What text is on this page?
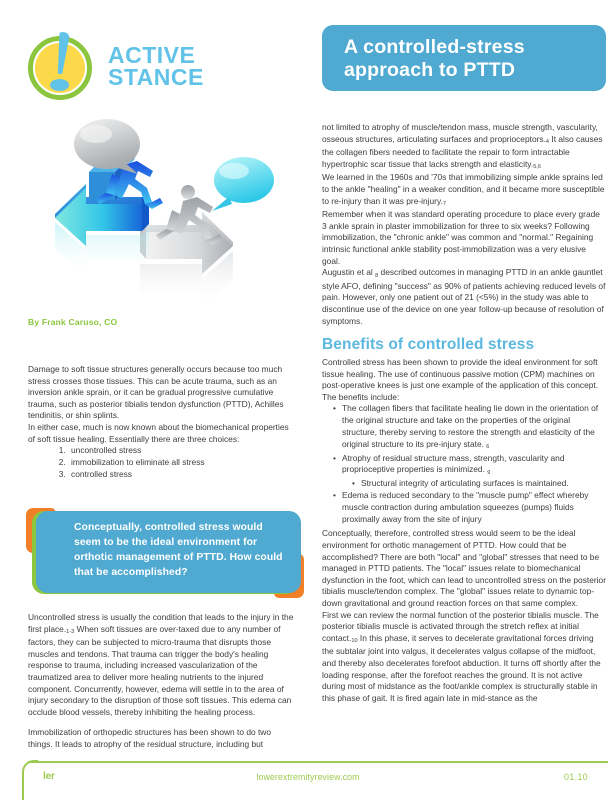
ACTIVE
STANCE
A controlled-stress
approach to PTTD
By Frank Caruso, CO

Damage to soft tissue structures generally occurs because too much stress crosses those tissues. This can be acute trauma, such as an inversion ankle sprain, or it can be gradual progressive cumulative trauma, such as posterior tibialis tendon dysfunction (PTTD), Achilles tendinitis, or shin splints.

In either case, much is now known about the biomechanical properties of soft tissue healing. Essentially there are three choices:

1. uncontrolled stress
2. immobilization to eliminate all stress
3. controlled stress
Conceptually, controlled stress would seem to be the ideal environment for orthotic management of PTTD. How could that be accomplished?

Uncontrolled stress is usually the condition that leads to the injury in the first place.$^{1-3}$ When soft tissues are over-taxed due to any number of factors, they can be subjected to micro-trauma that disrupts those muscles and tendons. That trauma can trigger the body's healing response to trauma, including increased vascularization of the traumatized area to deliver more healing nutrients to the injured component. Concurrently, however, edema will settle in to the area of injury secondary to the disruption of those soft tissues. This edema can occlude blood vessels, thereby inhibiting the healing process.

Immobilization of orthopedic structures has been shown to do two things. It leads to atrophy of the residual structure, including but

not limited to atrophy of muscle/tendon mass, muscle strength, vascularity, osseous structures, articulating surfaces and proprioceptors.$^4$ It also causes the collagen fibers needed to facilitate the repair to form intractable hypertrophic scar tissue that lacks strength and elasticity.$^{5,6}$

We learned in the 1960s and '70s that immobilizing simple ankle sprains led to the ankle "healing" in a weaker condition, and it became more susceptible to re-injury than it was pre-injury.$^7$

Remember when it was standard operating procedure to place every grade 3 ankle sprain in plaster immobilization for three to six weeks? Following immobilization, the "chronic ankle" was common and "normal." Regaining intrinsic functional ankle stability post-immobilization was a very elusive goal.

Augustin et al $^8$ described outcomes in managing PTTD in an ankle gauntlet style AFO, defining "success" as 90% of patients achieving reduced levels of pain. However, only one patient out of 21 (<5%) in the study was able to discontinue use of the device on one year follow-up because of resolution of symptoms.

Benefits of controlled stress

Controlled stress has been shown to provide the ideal environment for soft tissue healing. The use of continuous passive motion (CPM) machines on post-operative knees is just one example of the application of this concept. The benefits include:

• The collagen fibers that facilitate healing lie down in the orientation of the original structure and take on the properties of the original structure, thereby serving to restore the strength and elasticity of the original structure to its pre-injury state. $^6$
• Atrophy of residual structure mass, strength, vascularity and proprioceptive properties is minimized. $^9$
• Structural integrity of articulating surfaces is maintained.
• Edema is reduced secondary to the "muscle pump" effect whereby muscle contraction during ambulation squeezes (pumps) fluids proximally away from the site of injury

Conceptually, therefore, controlled stress would seem to be the ideal environment for orthotic management of PTTD. How could that be accomplished? There are both "local" and "global" stresses that need to be managed in PTTD patients. The "local" issues relate to biomechanical dysfunction in the foot, which can lead to uncontrolled stress on the posterior tibialis muscle/tendon complex. The "global" issues relate to dynamic top-down gravitational and ground reaction forces on that same complex.

First we can review the normal function of the posterior tibialis muscle. The posterior tibialis muscle is activated through the stretch reflex at initial contact.$^{10}$ In this phase, it serves to decelerate gravitational forces driving the subtalar joint into valgus, it decelerates valgus collapse of the midfoot, and thereby also decelerates forefoot abduction. It turns off shortly after the loading response, after the forefoot reaches the ground. It is not active during most of midstance as the foot/ankle complex is structurally stable in this phase of gait. It is fired again late in mid-stance as the

ler	lowerextremityreview.com	01.10
